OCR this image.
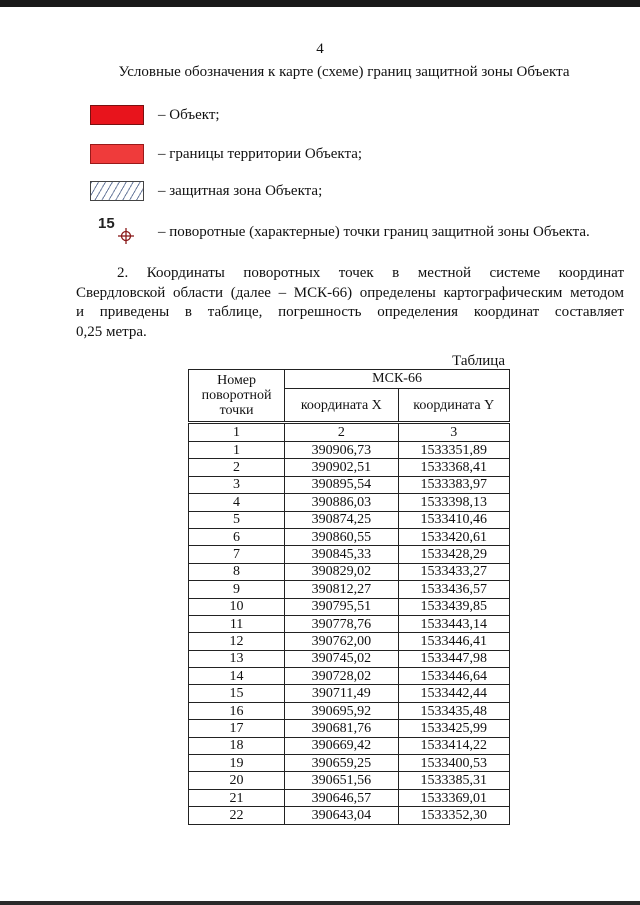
4
Условные обозначения к карте (схеме) границ защитной зоны Объекта
– Объект;
– границы территории Объекта;
– защитная зона Объекта;
15	– поворотные (характерные) точки границ защитной зоны Объекта.
2. Координаты поворотных точек в местной системе координат
Свердловской области (далее – МСК-66) определены картографическим методом
и приведены в таблице, погрешность определения координат составляет
0,25 метра.
Таблица
Номер поворотной точки	МСК-66	
	координата X	координата Y
1	2	3
1	390906,73	1533351,89
2	390902,51	1533368,41
3	390895,54	1533383,97
4	390886,03	1533398,13
5	390874,25	1533410,46
6	390860,55	1533420,61
7	390845,33	1533428,29
8	390829,02	1533433,27
9	390812,27	1533436,57
10	390795,51	1533439,85
11	390778,76	1533443,14
12	390762,00	1533446,41
13	390745,02	1533447,98
14	390728,02	1533446,64
15	390711,49	1533442,44
16	390695,92	1533435,48
17	390681,76	1533425,99
18	390669,42	1533414,22
19	390659,25	1533400,53
20	390651,56	1533385,31
21	390646,57	1533369,01
22	390643,04	1533352,30
